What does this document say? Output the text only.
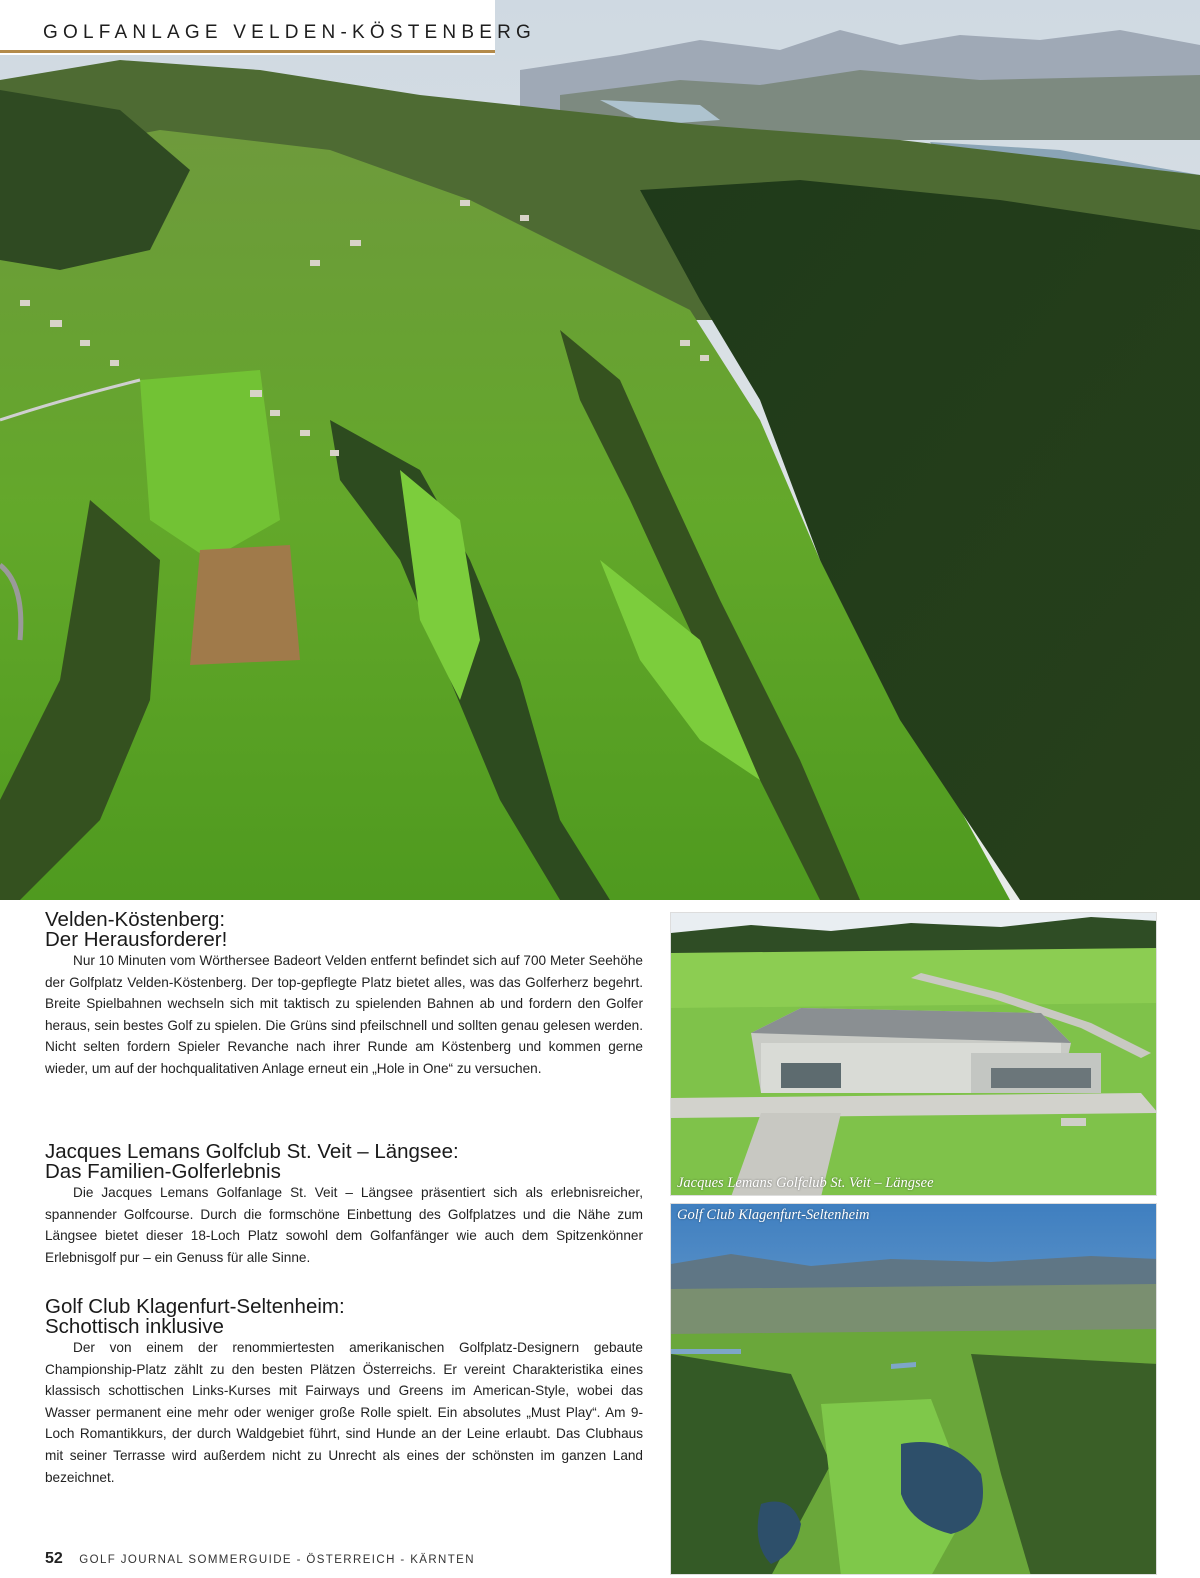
GOLFANLAGE VELDEN-KÖSTENBERG
Velden-Köstenberg:
Der Herausforderer!

Nur 10 Minuten vom Wörthersee Badeort Velden entfernt befindet sich auf 700 Meter Seehöhe der Golfplatz Velden-Köstenberg. Der top-gepflegte Platz bietet alles, was das Golferherz begehrt. Breite Spielbahnen wechseln sich mit taktisch zu spielenden Bahnen ab und fordern den Golfer heraus, sein bestes Golf zu spielen. Die Grüns sind pfeilschnell und sollten genau gelesen werden. Nicht selten fordern Spieler Revanche nach ihrer Runde am Köstenberg und kommen gerne wieder, um auf der hochqualitativen Anlage erneut ein „Hole in One“ zu versuchen.

Jacques Lemans Golfclub St. Veit – Längsee:
Das Familien-Golferlebnis

Die Jacques Lemans Golfanlage St. Veit – Längsee präsentiert sich als erlebnisreicher, spannender Golfcourse. Durch die formschöne Einbettung des Golfplatzes und die Nähe zum Längsee bietet dieser 18-Loch Platz sowohl dem Golfanfänger wie auch dem Spitzenkönner Erlebnisgolf pur – ein Genuss für alle Sinne.

Golf Club Klagenfurt-Seltenheim:
Schottisch inklusive

Der von einem der renommiertesten amerikanischen Golfplatz-Designern gebaute Championship-Platz zählt zu den besten Plätzen Österreichs. Er vereint Charakteristika eines klassisch schottischen Links-Kurses mit Fairways und Greens im American-Style, wobei das Wasser permanent eine mehr oder weniger große Rolle spielt. Ein absolutes „Must Play“. Am 9-Loch Romantikkurs, der durch Waldgebiet führt, sind Hunde an der Leine erlaubt. Das Clubhaus mit seiner Terrasse wird außerdem nicht zu Unrecht als eines der schönsten im ganzen Land bezeichnet.

Jacques Lemans Golfclub St. Veit – Längsee
Golf Club Klagenfurt-Seltenheim
52 GOLF JOURNAL SOMMERGUIDE - ÖSTERREICH - KÄRNTEN
